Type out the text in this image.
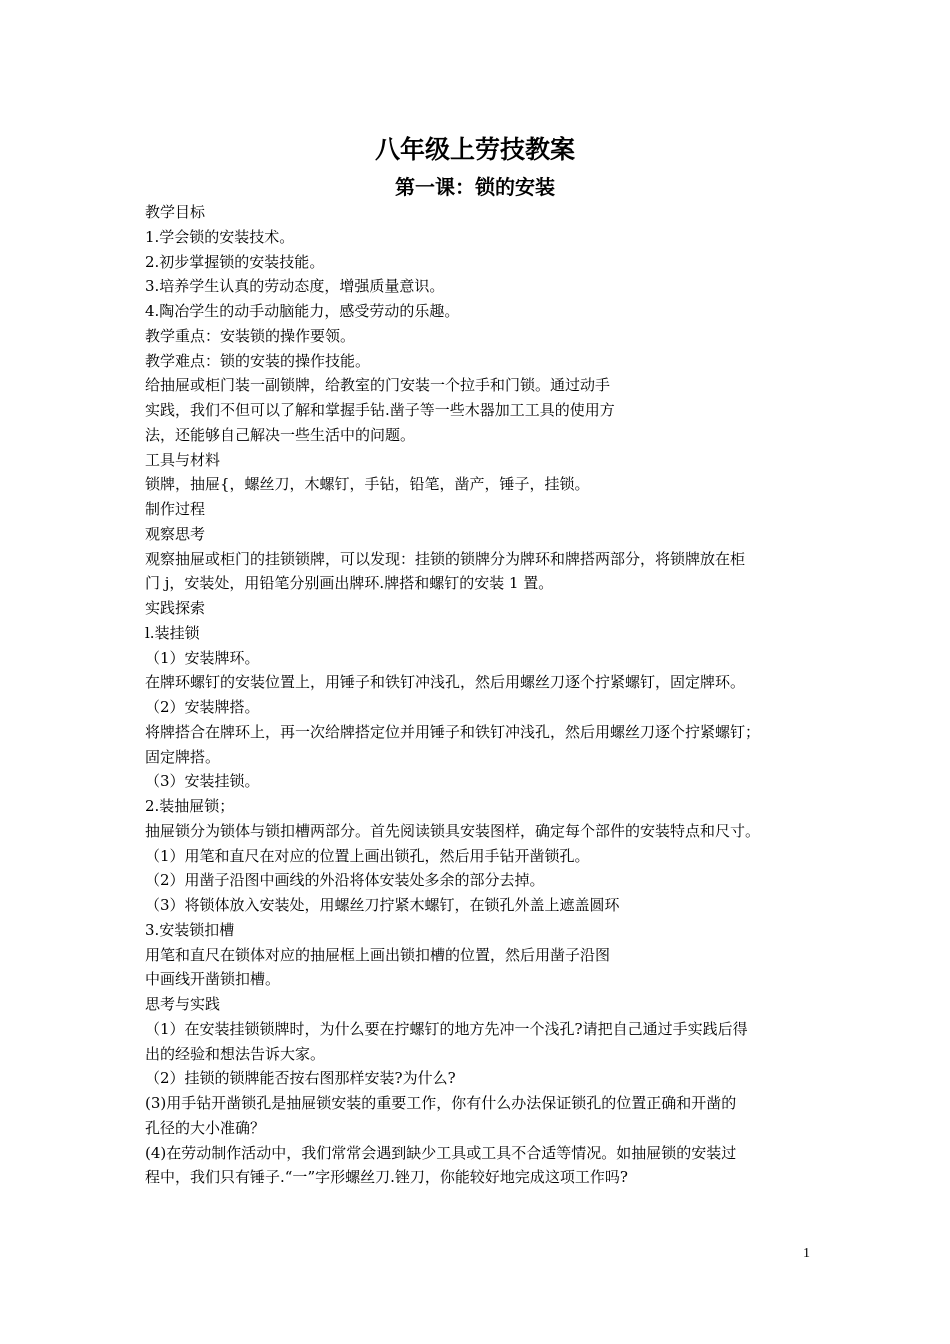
八年级上劳技教案
第一课：锁的安装
教学目标
1.学会锁的安装技术。
2.初步掌握锁的安装技能。
3.培养学生认真的劳动态度，增强质量意识。
4.陶冶学生的动手动脑能力，感受劳动的乐趣。
教学重点：安装锁的操作要领。
教学难点：锁的安装的操作技能。
给抽屉或柜门装一副锁牌，给教室的门安装一个拉手和门锁。通过动手
实践，我们不但可以了解和掌握手钻.凿子等一些木器加工工具的使用方
法，还能够自己解决一些生活中的问题。
工具与材料
锁牌，抽屉{，螺丝刀，木螺钉，手钻，铅笔，凿产，锤子，挂锁。
制作过程
观察思考
观察抽屉或柜门的挂锁锁牌，可以发现：挂锁的锁牌分为牌环和牌搭两部分，将锁牌放在柜
门 j，安装处，用铅笔分别画出牌环.牌搭和螺钉的安装 1 置。
实践探索
l.装挂锁
（1）安装牌环。
在牌环螺钉的安装位置上，用锤子和铁钉冲浅孔，然后用螺丝刀逐个拧紧螺钉，固定牌环。
（2）安装牌搭。
将牌搭合在牌环上，再一次给牌搭定位并用锤子和铁钉冲浅孔，然后用螺丝刀逐个拧紧螺钉；
固定牌搭。
（3）安装挂锁。
2.装抽屉锁；
抽屉锁分为锁体与锁扣槽两部分。首先阅读锁具安装图样，确定每个部件的安装特点和尺寸。
（1）用笔和直尺在对应的位置上画出锁孔，然后用手钻开凿锁孔。
（2）用凿子沿图中画线的外沿将体安装处多余的部分去掉。
（3）将锁体放入安装处，用螺丝刀拧紧木螺钉，在锁孔外盖上遮盖圆环
3.安装锁扣槽
用笔和直尺在锁体对应的抽屉框上画出锁扣槽的位置，然后用凿子沿图
中画线开凿锁扣槽。
思考与实践
（1）在安装挂锁锁牌时，为什么要在拧螺钉的地方先冲一个浅孔?请把自己通过手实践后得
出的经验和想法告诉大家。
（2）挂锁的锁牌能否按右图那样安装?为什么?
(3)用手钻开凿锁孔是抽屉锁安装的重要工作，你有什么办法保证锁孔的位置正确和开凿的
孔径的大小准确？
(4)在劳动制作活动中，我们常常会遇到缺少工具或工具不合适等情况。如抽屉锁的安装过
程中，我们只有锤子.“一”字形螺丝刀.锉刀，你能较好地完成这项工作吗?
1
